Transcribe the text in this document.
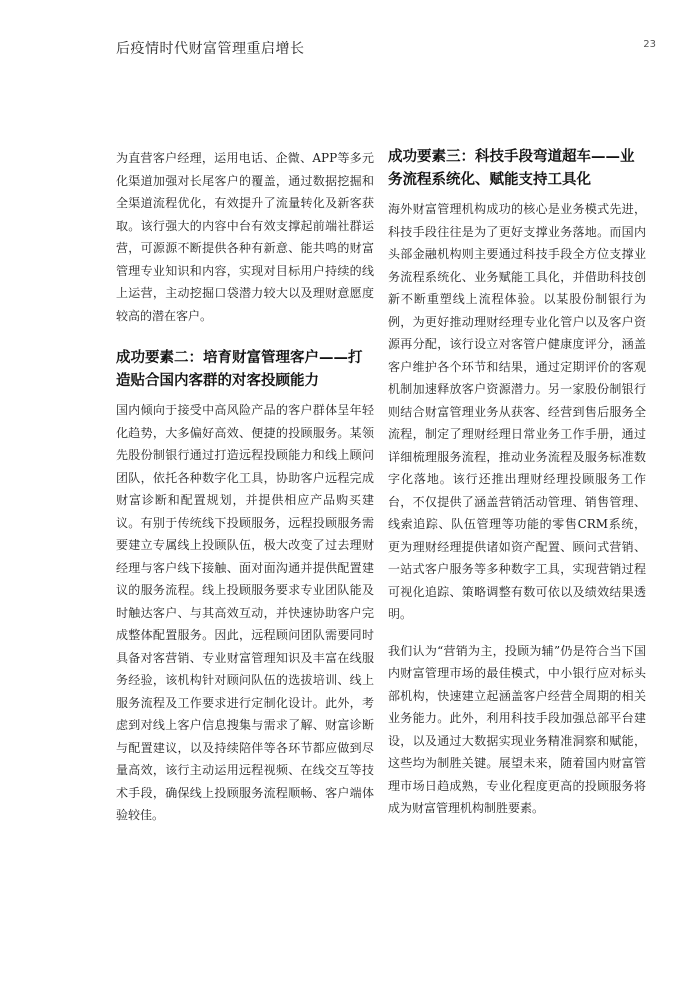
后疫情时代财富管理重启增长	23

为直营客户经理，运用电话、企微、APP等多元化渠道加强对长尾客户的覆盖，通过数据挖掘和全渠道流程优化，有效提升了流量转化及新客获取。该行强大的内容中台有效支撑起前端社群运营，可源源不断提供各种有新意、能共鸣的财富管理专业知识和内容，实现对目标用户持续的线上运营，主动挖掘口袋潜力较大以及理财意愿度较高的潜在客户。

成功要素二：培育财富管理客户——打造贴合国内客群的对客投顾能力

国内倾向于接受中高风险产品的客户群体呈年轻化趋势，大多偏好高效、便捷的投顾服务。某领先股份制银行通过打造远程投顾能力和线上顾问团队，依托各种数字化工具，协助客户远程完成财富诊断和配置规划，并提供相应产品购买建议。有别于传统线下投顾服务，远程投顾服务需要建立专属线上投顾队伍，极大改变了过去理财经理与客户线下接触、面对面沟通并提供配置建议的服务流程。线上投顾服务要求专业团队能及时触达客户、与其高效互动，并快速协助客户完成整体配置服务。因此，远程顾问团队需要同时具备对客营销、专业财富管理知识及丰富在线服务经验，该机构针对顾问队伍的选拔培训、线上服务流程及工作要求进行定制化设计。此外，考虑到对线上客户信息搜集与需求了解、财富诊断与配置建议，以及持续陪伴等各环节都应做到尽量高效，该行主动运用远程视频、在线交互等技术手段，确保线上投顾服务流程顺畅、客户端体验较佳。

成功要素三：科技手段弯道超车——业务流程系统化、赋能支持工具化

海外财富管理机构成功的核心是业务模式先进，科技手段往往是为了更好支撑业务落地。而国内头部金融机构则主要通过科技手段全方位支撑业务流程系统化、业务赋能工具化，并借助科技创新不断重塑线上流程体验。以某股份制银行为例，为更好推动理财经理专业化管户以及客户资源再分配，该行设立对客管户健康度评分，涵盖客户维护各个环节和结果，通过定期评价的客观机制加速释放客户资源潜力。另一家股份制银行则结合财富管理业务从获客、经营到售后服务全流程，制定了理财经理日常业务工作手册，通过详细梳理服务流程，推动业务流程及服务标准数字化落地。该行还推出理财经理投顾服务工作台，不仅提供了涵盖营销活动管理、销售管理、线索追踪、队伍管理等功能的零售CRM系统，更为理财经理提供诸如资产配置、顾问式营销、一站式客户服务等多种数字工具，实现营销过程可视化追踪、策略调整有数可依以及绩效结果透明。

我们认为“营销为主，投顾为辅”仍是符合当下国内财富管理市场的最佳模式，中小银行应对标头部机构，快速建立起涵盖客户经营全周期的相关业务能力。此外，利用科技手段加强总部平台建设，以及通过大数据实现业务精准洞察和赋能，这些均为制胜关键。展望未来，随着国内财富管理市场日趋成熟，专业化程度更高的投顾服务将成为财富管理机构制胜要素。
